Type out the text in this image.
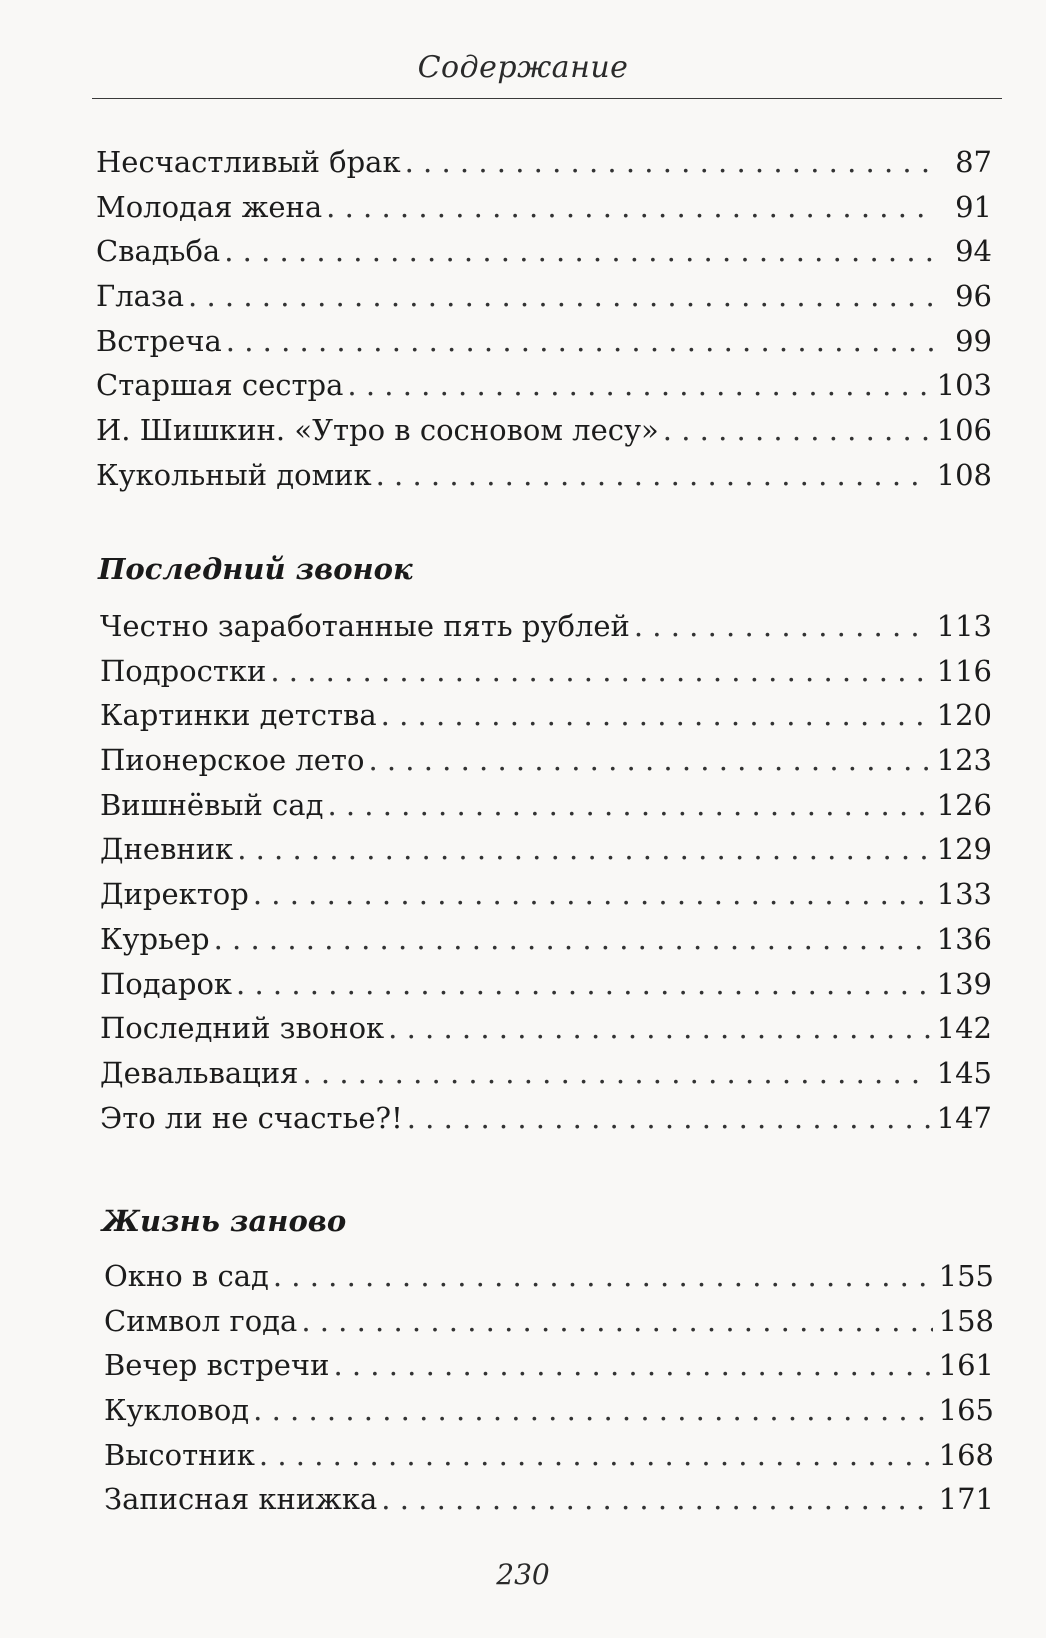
Содержание
Несчастливый брак . . .	87
Молодая жена . . .	91
Свадьба . . .	94
Глаза . . .	96
Встреча . . .	99
Старшая сестра . . .	103
И. Шишкин. «Утро в сосновом лесу» . . .	106
Кукольный домик . . .	108
Последний звонок
Честно заработанные пять рублей . . .	113
Подростки . . .	116
Картинки детства . . .	120
Пионерское лето . . .	123
Вишнёвый сад . . .	126
Дневник . . .	129
Директор . . .	133
Курьер . . .	136
Подарок . . .	139
Последний звонок . . .	142
Девальвация . . .	145
Это ли не счастье?! . . .	147
Жизнь заново
Окно в сад . . .	155
Символ года . . .	158
Вечер встречи . . .	161
Кукловод . . .	165
Высотник . . .	168
Записная книжка . . .	171
230
